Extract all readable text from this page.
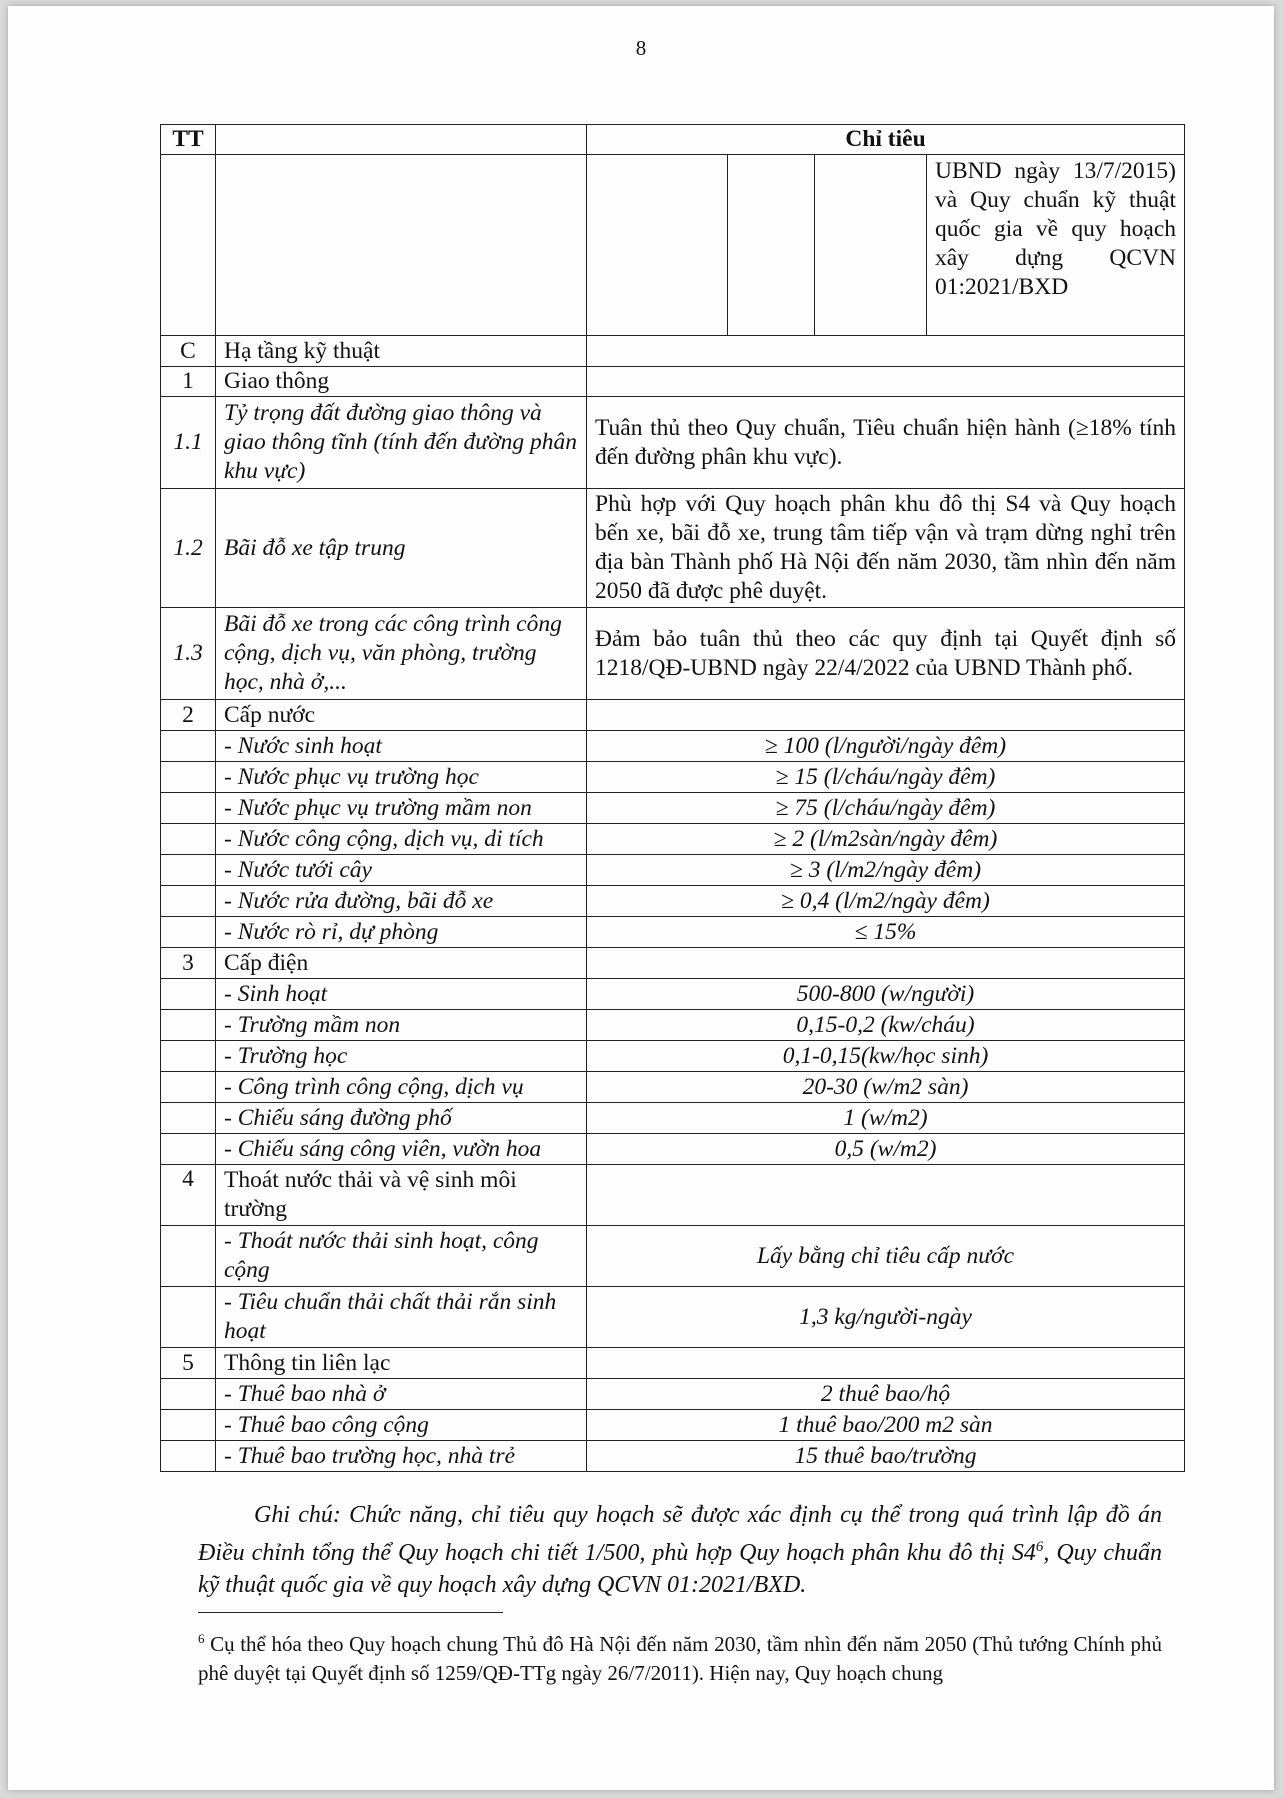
8
TT		Chỉ tiêu			
					UBND ngày 13/7/2015) và Quy chuẩn kỹ thuật quốc gia về quy hoạch xây dựng QCVN 01:2021/BXD
C	Hạ tầng kỹ thuật				
1	Giao thông				
1.1	Tỷ trọng đất đường giao thông và giao thông tĩnh (tính đến đường phân khu vực)	Tuân thủ theo Quy chuẩn, Tiêu chuẩn hiện hành (≥18% tính đến đường phân khu vực).			
1.2	Bãi đỗ xe tập trung	Phù hợp với Quy hoạch phân khu đô thị S4 và Quy hoạch bến xe, bãi đỗ xe, trung tâm tiếp vận và trạm dừng nghỉ trên địa bàn Thành phố Hà Nội đến năm 2030, tầm nhìn đến năm 2050 đã được phê duyệt.			
1.3	Bãi đỗ xe trong các công trình công cộng, dịch vụ, văn phòng, trường học, nhà ở,...	Đảm bảo tuân thủ theo các quy định tại Quyết định số 1218/QĐ-UBND ngày 22/4/2022 của UBND Thành phố.			
2	Cấp nước				
	- Nước sinh hoạt	≥ 100 (l/người/ngày đêm)			
	- Nước phục vụ trường học	≥ 15 (l/cháu/ngày đêm)			
	- Nước phục vụ trường mầm non	≥ 75 (l/cháu/ngày đêm)			
	- Nước công cộng, dịch vụ, di tích	≥ 2 (l/m2sàn/ngày đêm)			
	- Nước tưới cây	≥ 3 (l/m2/ngày đêm)			
	- Nước rửa đường, bãi đỗ xe	≥ 0,4 (l/m2/ngày đêm)			
	- Nước rò rỉ, dự phòng	≤ 15%			
3	Cấp điện				
	- Sinh hoạt	500-800 (w/người)			
	- Trường mầm non	0,15-0,2 (kw/cháu)			
	- Trường học	0,1-0,15(kw/học sinh)			
	- Công trình công cộng, dịch vụ	20-30 (w/m2 sàn)			
	- Chiếu sáng đường phố	1 (w/m2)			
	- Chiếu sáng công viên, vườn hoa	0,5 (w/m2)			
4	Thoát nước thải và vệ sinh môi trường				
	- Thoát nước thải sinh hoạt, công cộng	Lấy bằng chỉ tiêu cấp nước			
	- Tiêu chuẩn thải chất thải rắn sinh hoạt	1,3 kg/người-ngày			
5	Thông tin liên lạc				
	- Thuê bao nhà ở	2 thuê bao/hộ			
	- Thuê bao công cộng	1 thuê bao/200 m2 sàn			
	- Thuê bao trường học, nhà trẻ	15 thuê bao/trường			
Ghi chú: Chức năng, chỉ tiêu quy hoạch sẽ được xác định cụ thể trong quá trình lập đồ án Điều chỉnh tổng thể Quy hoạch chi tiết 1/500, phù hợp Quy hoạch phân khu đô thị $S4^6$, Quy chuẩn kỹ thuật quốc gia về quy hoạch xây dựng QCVN 01:2021/BXD.
$^6$ Cụ thể hóa theo Quy hoạch chung Thủ đô Hà Nội đến năm 2030, tầm nhìn đến năm 2050 (Thủ tướng Chính phủ phê duyệt tại Quyết định số 1259/QĐ-TTg ngày 26/7/2011). Hiện nay, Quy hoạch chung
